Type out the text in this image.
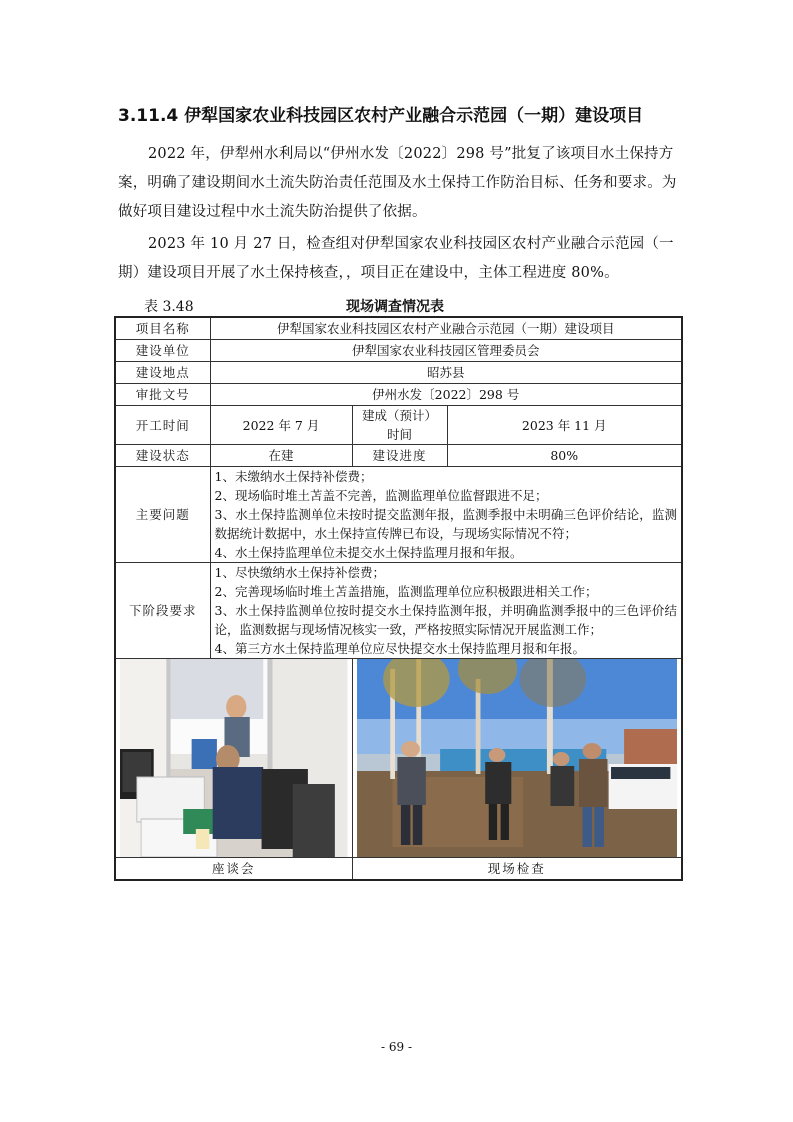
3.11.4 伊犁国家农业科技园区农村产业融合示范园（一期）建设项目

2022 年，伊犁州水利局以“伊州水发〔2022〕298 号”批复了该项目水土保持方案，明确了建设期间水土流失防治责任范围及水土保持工作防治目标、任务和要求。为做好项目建设过程中水土流失防治提供了依据。

2023 年 10 月 27 日，检查组对伊犁国家农业科技园区农村产业融合示范园（一期）建设项目开展了水土保持核查，，项目正在建设中，主体工程进度 80%。

表 3.48	现场调查情况表
项目名称	伊犁国家农业科技园区农村产业融合示范园（一期）建设项目		
建设单位	伊犁国家农业科技园区管理委员会		
建设地点	昭苏县		
审批文号	伊州水发〔2022〕298 号		
开工时间	2022 年 7 月	建成（预计）时间	2023 年 11 月
建设状态	在建	建设进度	80%
主要问题	1、未缴纳水土保持补偿费；
2、现场临时堆土苫盖不完善，监测监理单位监督跟进不足；
3、水土保持监测单位未按时提交监测年报，监测季报中未明确三色评价结论，监测数据统计数据中，水土保持宣传牌已布设，与现场实际情况不符；
4、水土保持监理单位未提交水土保持监理月报和年报。		

下阶段要求	1、尽快缴纳水土保持补偿费；
2、完善现场临时堆土苫盖措施，监测监理单位应积极跟进相关工作；
3、水土保持监测单位按时提交水土保持监测年报，并明确监测季报中的三色评价结论，监测数据与现场情况核实一致，严格按照实际情况开展监测工作；
4、第三方水土保持监理单位应尽快提交水土保持监理月报和年报。		

座谈会		现场检查	
- 69 -
